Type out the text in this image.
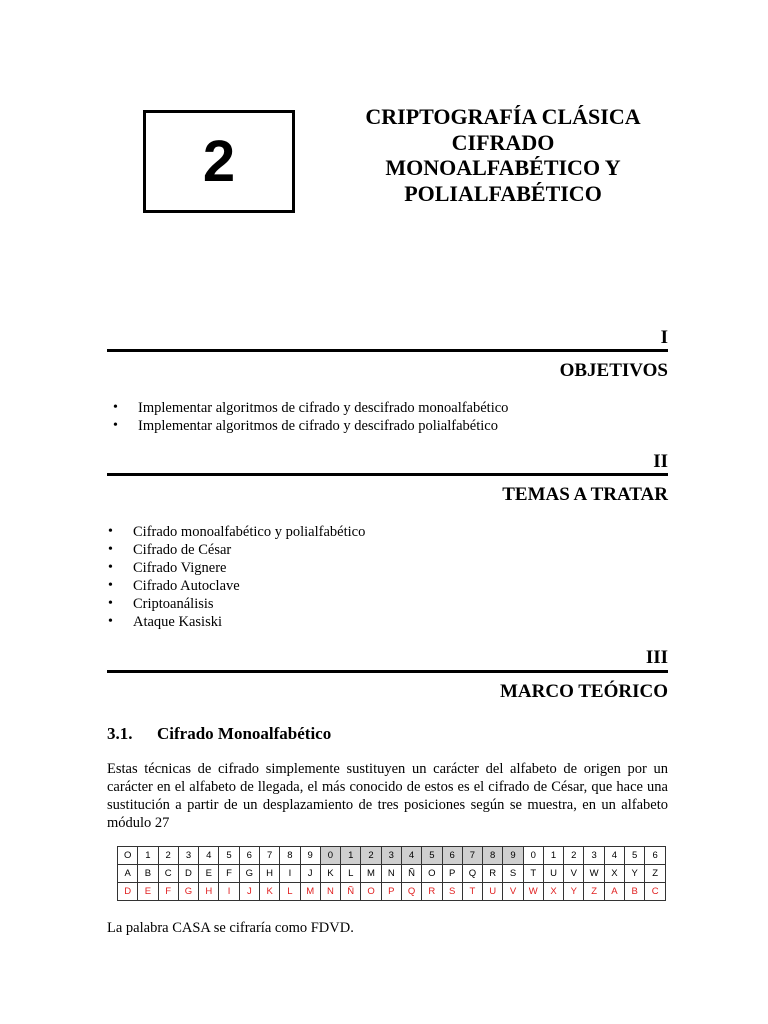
2
CRIPTOGRAFÍA CLÁSICA
CIFRADO
MONOALFABÉTICO Y
POLIALFABÉTICO
I
OBJETIVOS
• Implementar algoritmos de cifrado y descifrado monoalfabético
• Implementar algoritmos de cifrado y descifrado polialfabético
II
TEMAS A TRATAR
• Cifrado monoalfabético y polialfabético
• Cifrado de César
• Cifrado Vignere
• Cifrado Autoclave
• Criptoanálisis
• Ataque Kasiski
III
MARCO TEÓRICO
3.1. Cifrado Monoalfabético
Estas técnicas de cifrado simplemente sustituyen un carácter del alfabeto de origen por un carácter en el alfabeto de llegada, el más conocido de estos es el cifrado de César, que hace una sustitución a partir de un desplazamiento de tres posiciones según se muestra, en un alfabeto módulo 27
O	1	2	3	4	5	6	7	8	9	0	1	2	3	4	5	6	7	8	9	0	1	2	3	4	5	6
A	B	C	D	E	F	G	H	I	J	K	L	M	N	Ñ	O	P	Q	R	S	T	U	V	W	X	Y	Z
D	E	F	G	H	I	J	K	L	M	N	Ñ	O	P	Q	R	S	T	U	V	W	X	Y	Z	A	B	C
La palabra CASA se cifraría como FDVD.
